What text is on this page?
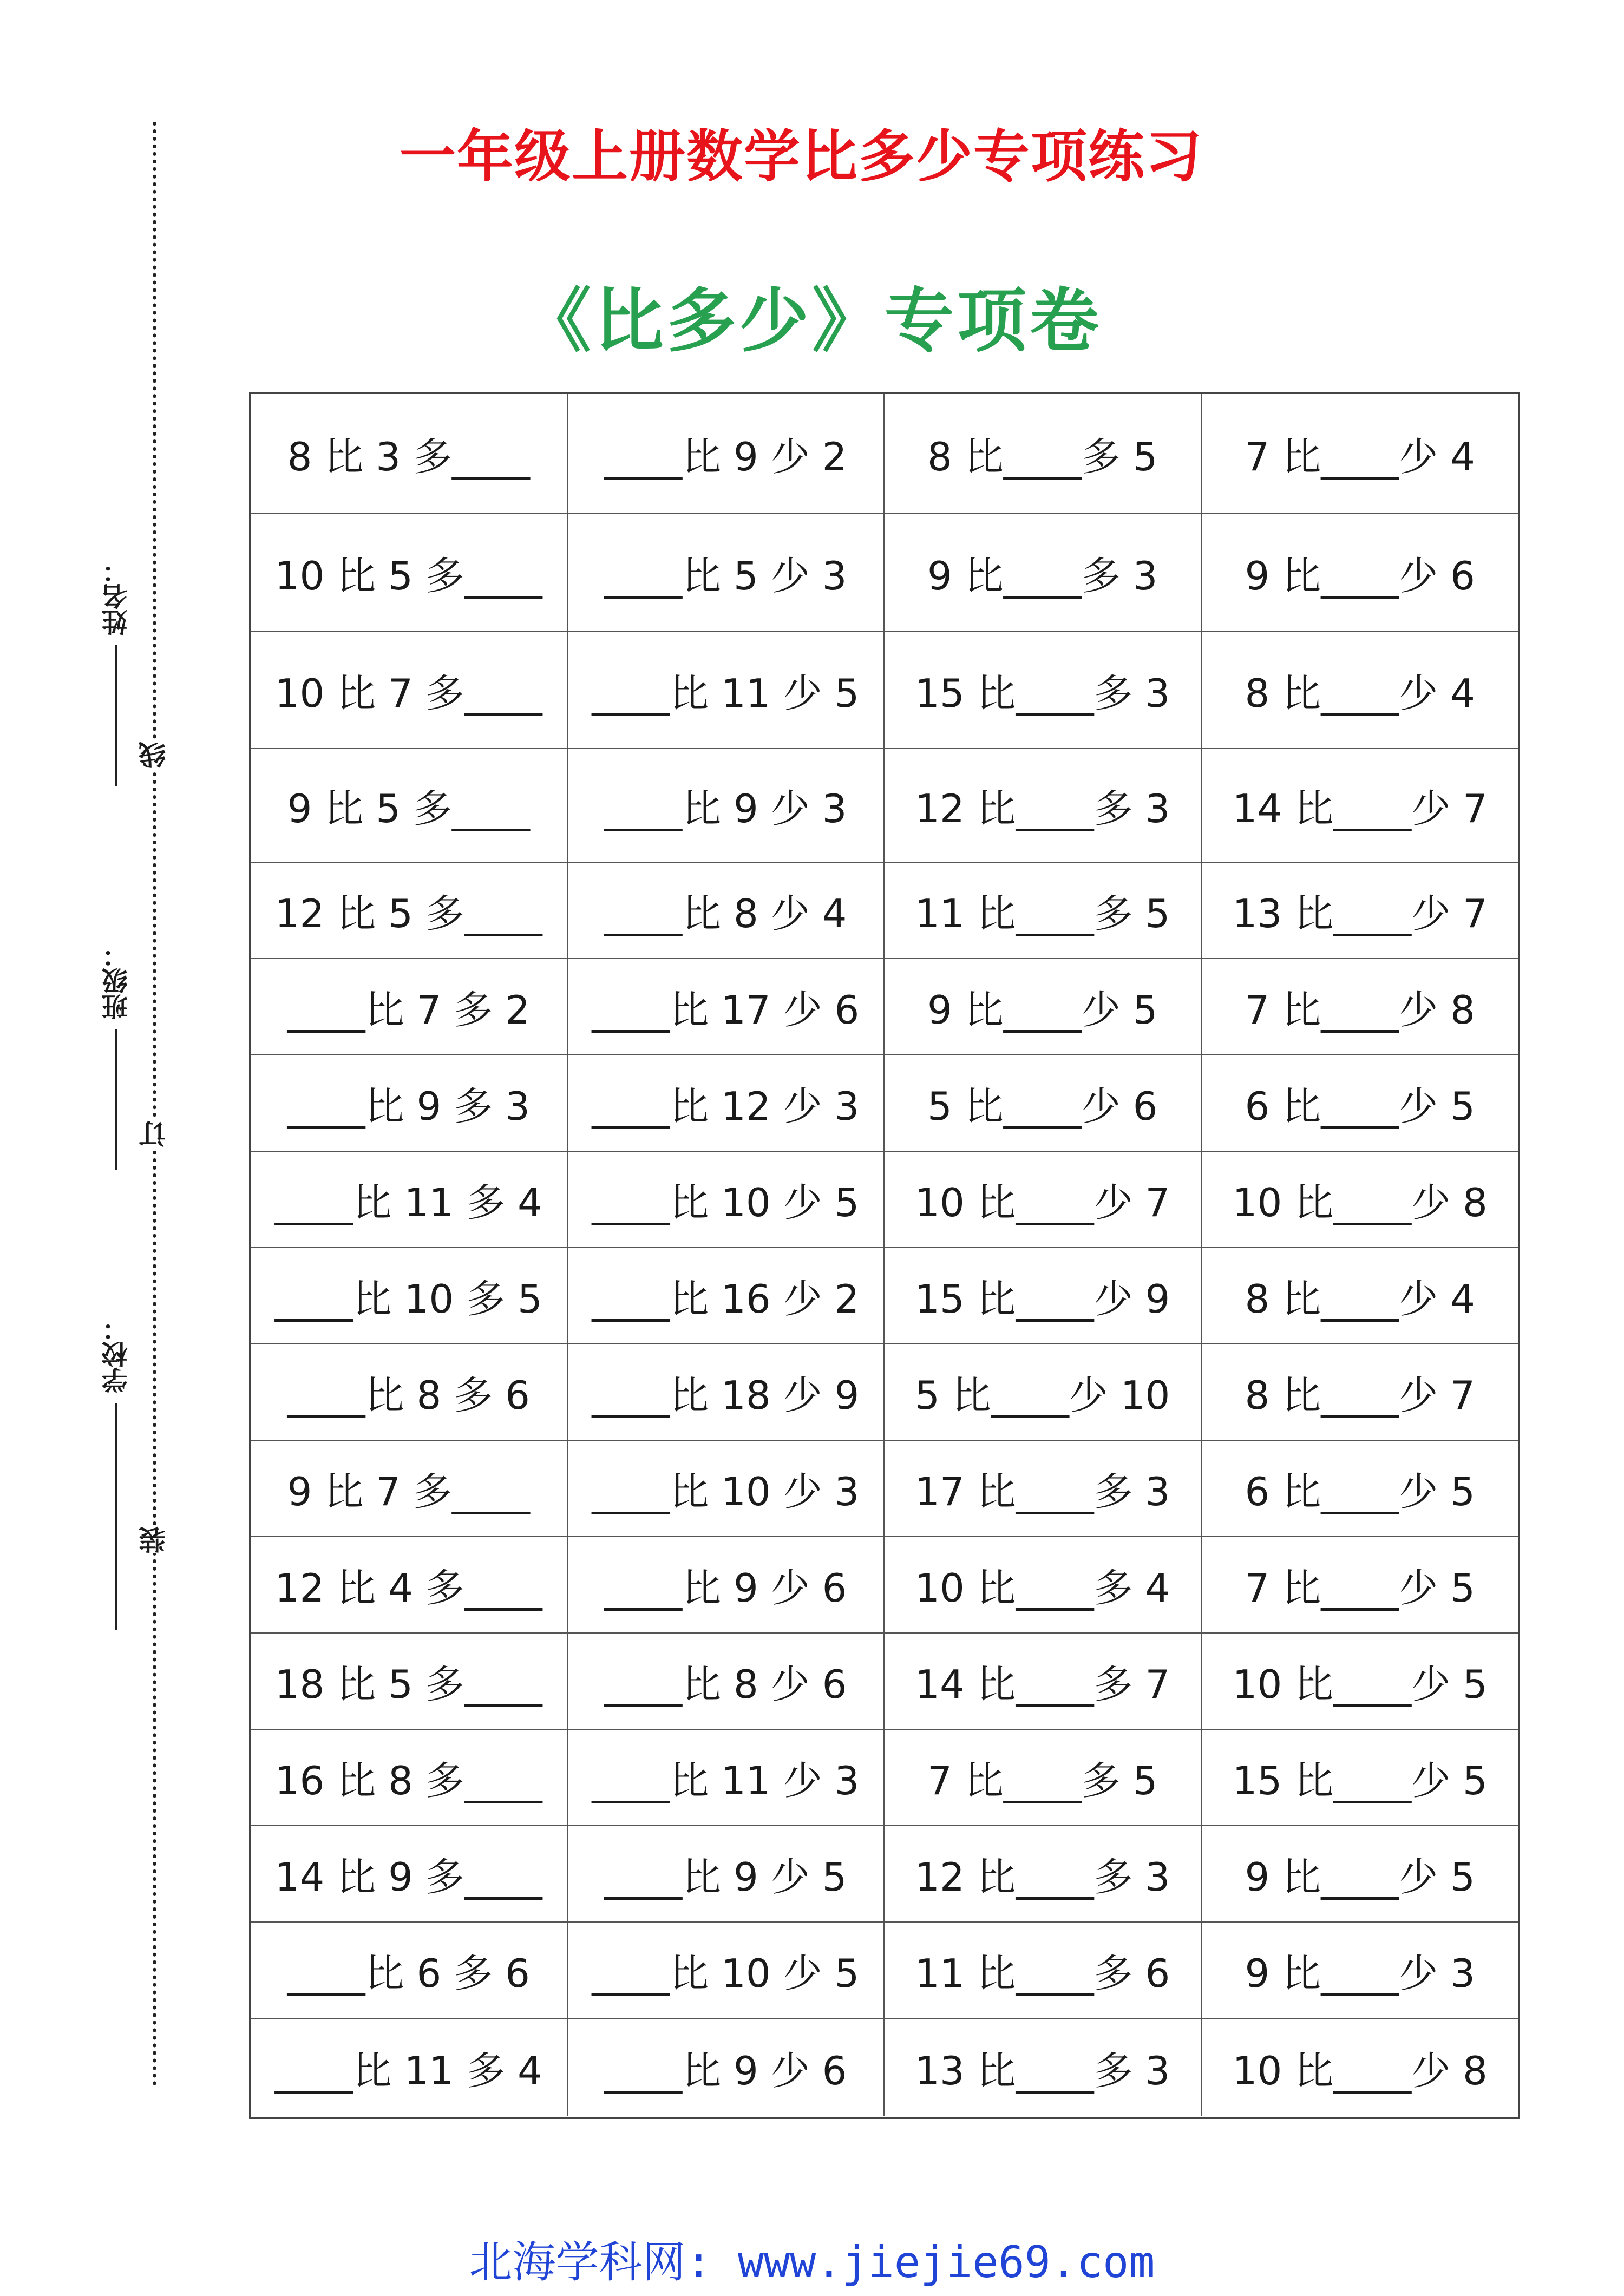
一年级上册数学比多少专项练习
《比多少》专项卷
姓名：
班级：
学校：
线
订
装
8 比 3 多____	____比 9 少 2	8 比____多 5	7 比____少 4
10 比 5 多____	____比 5 少 3	9 比____多 3	9 比____少 6
10 比 7 多____	____比 11 少 5	15 比____多 3	8 比____少 4
9 比 5 多____	____比 9 少 3	12 比____多 3	14 比____少 7
12 比 5 多____	____比 8 少 4	11 比____多 5	13 比____少 7
____比 7 多 2	____比 17 少 6	9 比____少 5	7 比____少 8
____比 9 多 3	____比 12 少 3	5 比____少 6	6 比____少 5
____比 11 多 4	____比 10 少 5	10 比____少 7	10 比____少 8
____比 10 多 5	____比 16 少 2	15 比____少 9	8 比____少 4
____比 8 多 6	____比 18 少 9	5 比____少 10	8 比____少 7
9 比 7 多____	____比 10 少 3	17 比____多 3	6 比____少 5
12 比 4 多____	____比 9 少 6	10 比____多 4	7 比____少 5
18 比 5 多____	____比 8 少 6	14 比____多 7	10 比____少 5
16 比 8 多____	____比 11 少 3	7 比____多 5	15 比____少 5
14 比 9 多____	____比 9 少 5	12 比____多 3	9 比____少 5
____比 6 多 6	____比 10 少 5	11 比____多 6	9 比____少 3
____比 11 多 4	____比 9 少 6	13 比____多 3	10 比____少 8
北海学科网: www.jiejie69.com
